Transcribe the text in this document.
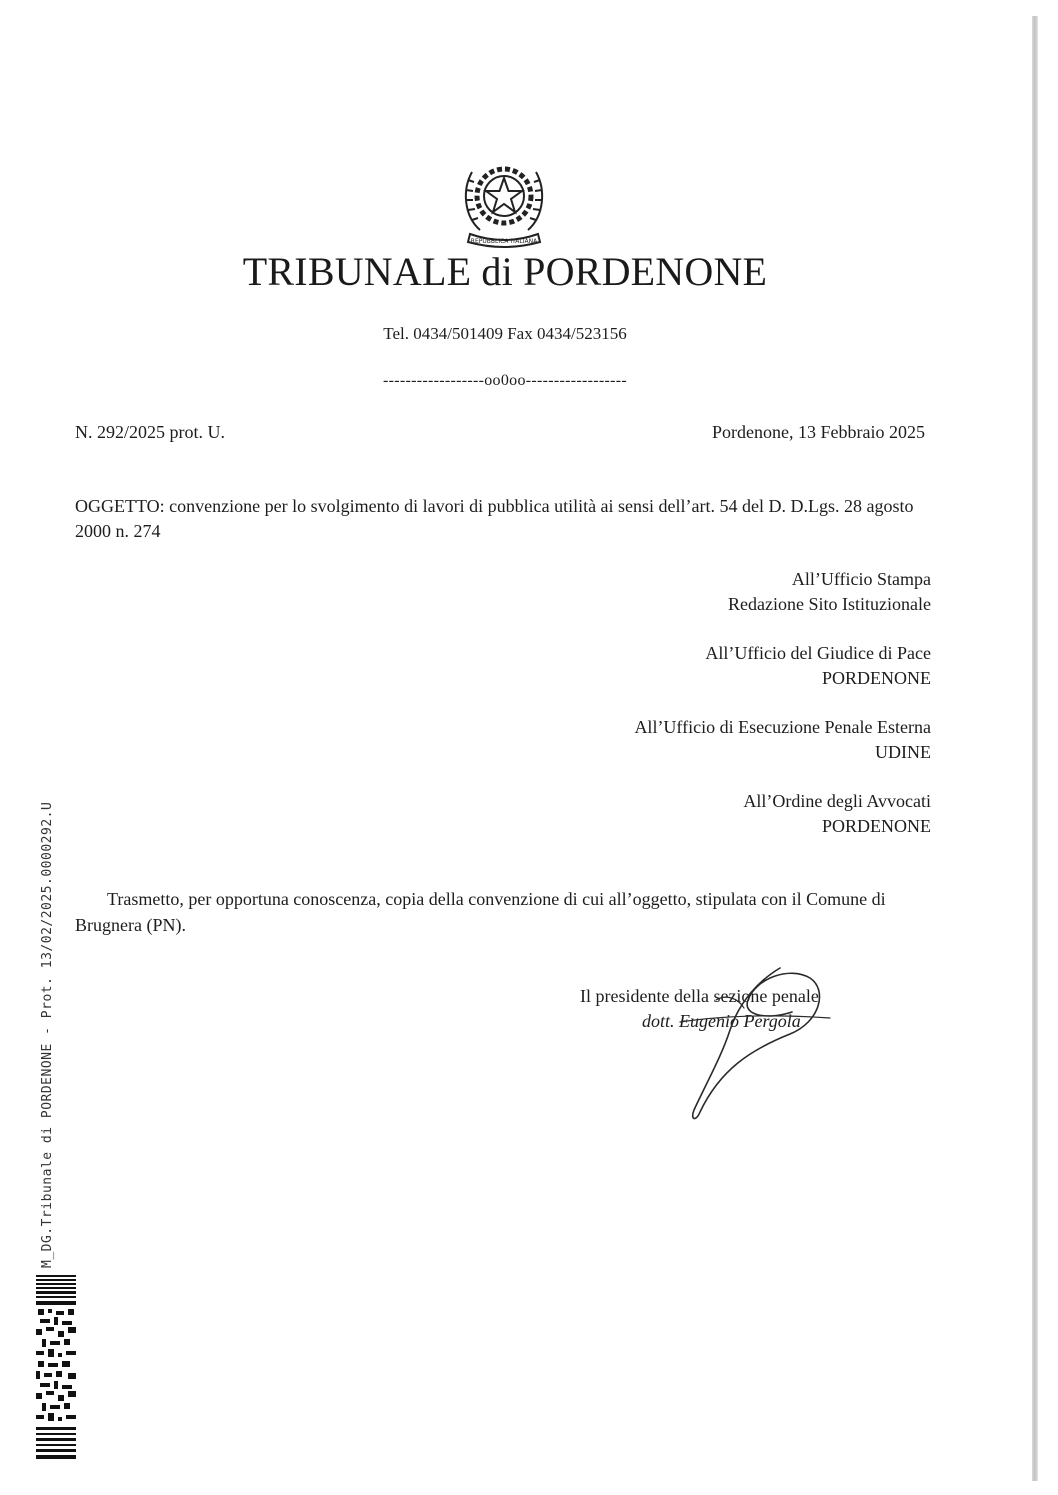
REPUBBLICA ITALIANA
TRIBUNALE di PORDENONE
Tel. 0434/501409 Fax 0434/523156
------------------oo0oo------------------
N. 292/2025 prot. U.	Pordenone, 13 Febbraio 2025
OGGETTO: convenzione per lo svolgimento di lavori di pubblica utilità ai sensi dell’art. 54 del D. D.Lgs. 28 agosto 2000 n. 274
All’Ufficio Stampa
Redazione Sito Istituzionale
All’Ufficio del Giudice di Pace
PORDENONE
All’Ufficio di Esecuzione Penale Esterna
UDINE
All’Ordine degli Avvocati
PORDENONE
Trasmetto, per opportuna conoscenza, copia della convenzione di cui all’oggetto, stipulata con il Comune di Brugnera (PN).
Il presidente della sezione penale
dott. Eugenio Pergola
M_DG.Tribunale di PORDENONE - Prot. 13/02/2025.0000292.U
